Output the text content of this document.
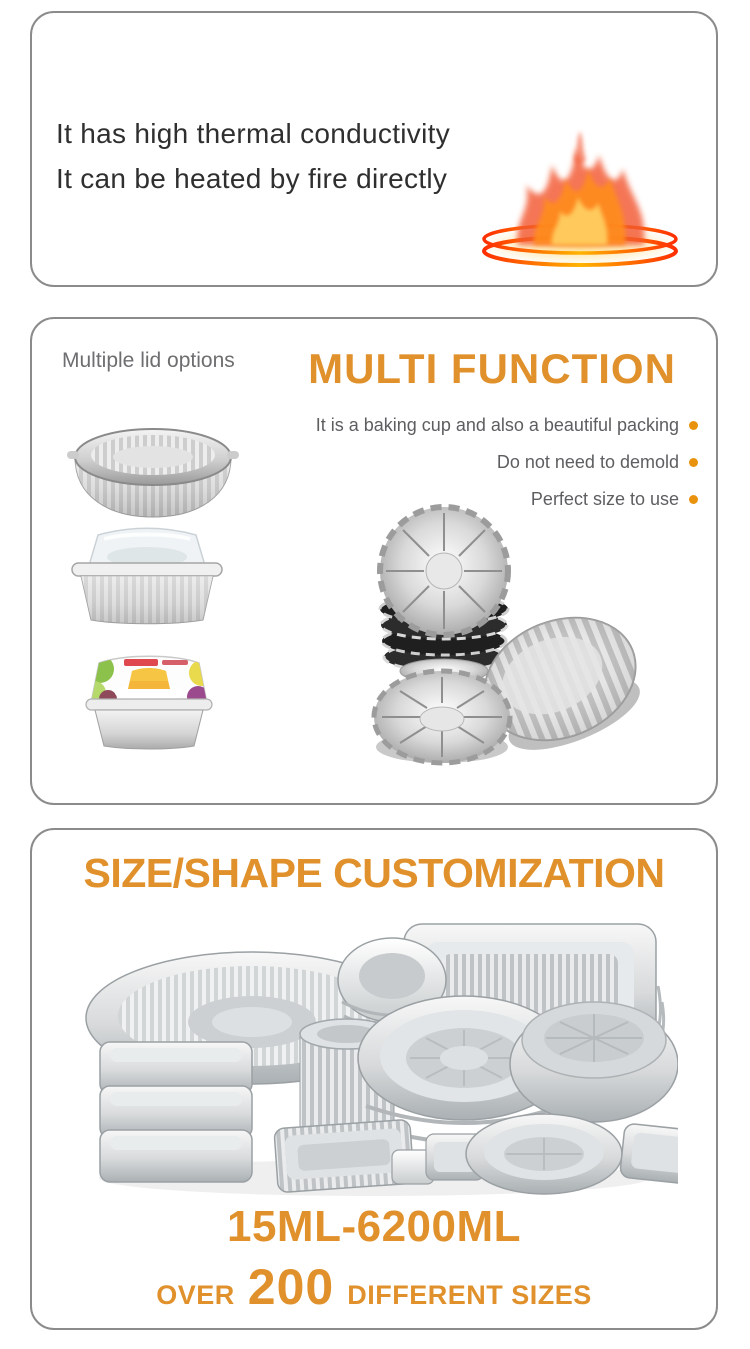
It has high thermal conductivity

It can be heated by fire directly

Multiple lid options	MULTI FUNCTION
It is a baking cup and also a beautiful packing
Do not need to demold
Perfect size to use
SIZE/SHAPE CUSTOMIZATION
15ML-6200ML
OVER 200 DIFFERENT SIZES
